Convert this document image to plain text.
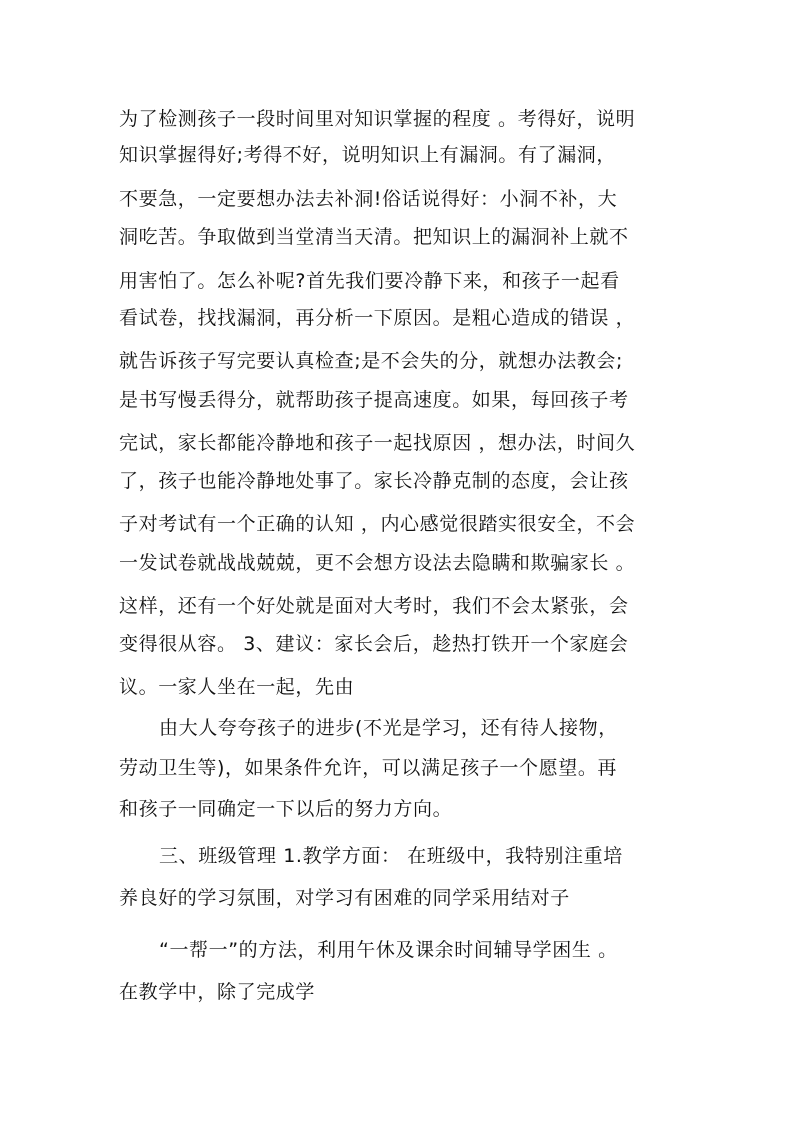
为了检测孩子一段时间里对知识掌握的程度 。考得好，说明
知识掌握得好;考得不好，说明知识上有漏洞。有了漏洞，
不要急，一定要想办法去补洞!俗话说得好：小洞不补，大
洞吃苦。争取做到当堂清当天清。把知识上的漏洞补上就不
用害怕了。怎么补呢?首先我们要冷静下来，和孩子一起看
看试卷，找找漏洞，再分析一下原因。是粗心造成的错误 ，
就告诉孩子写完要认真检查;是不会失的分，就想办法教会;
是书写慢丢得分，就帮助孩子提高速度。如果，每回孩子考
完试，家长都能冷静地和孩子一起找原因 ，想办法，时间久
了，孩子也能冷静地处事了。家长冷静克制的态度，会让孩
子对考试有一个正确的认知 ，内心感觉很踏实很安全，不会
一发试卷就战战兢兢，更不会想方设法去隐瞒和欺骗家长 。
这样，还有一个好处就是面对大考时，我们不会太紧张，会
变得很从容。 3、建议：家长会后，趁热打铁开一个家庭会
议。一家人坐在一起，先由
由大人夸夸孩子的进步(不光是学习，还有待人接物，
劳动卫生等)，如果条件允许，可以满足孩子一个愿望。再
和孩子一同确定一下以后的努力方向。
三、班级管理 1.教学方面： 在班级中，我特别注重培
养良好的学习氛围，对学习有困难的同学采用结对子
“一帮一”的方法，利用午休及课余时间辅导学困生 。
在教学中，除了完成学
